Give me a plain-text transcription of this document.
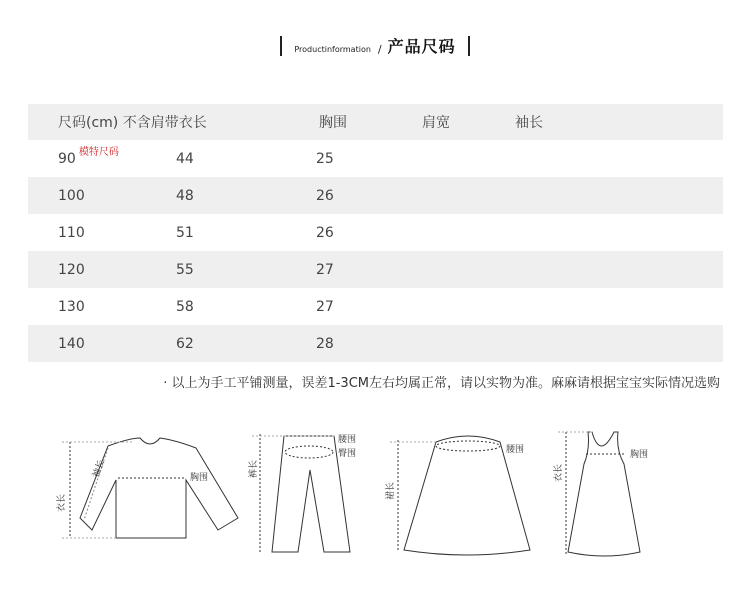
Productinformation / 产品尺码
尺码(cm) 不含肩带衣长		胸围	肩宽	袖长
90 模特尺码	44	25		
100	48	26		
110	51	26		
120	55	27		
130	58	27		
140	62	28		
· 以上为手工平铺测量，误差1-3CM左右均属正常，请以实物为准。麻麻请根据宝宝实际情况选购
衣长
袖长	胸围
腰围
臀围
裤长
腰围
裙长
胸围
衣长
